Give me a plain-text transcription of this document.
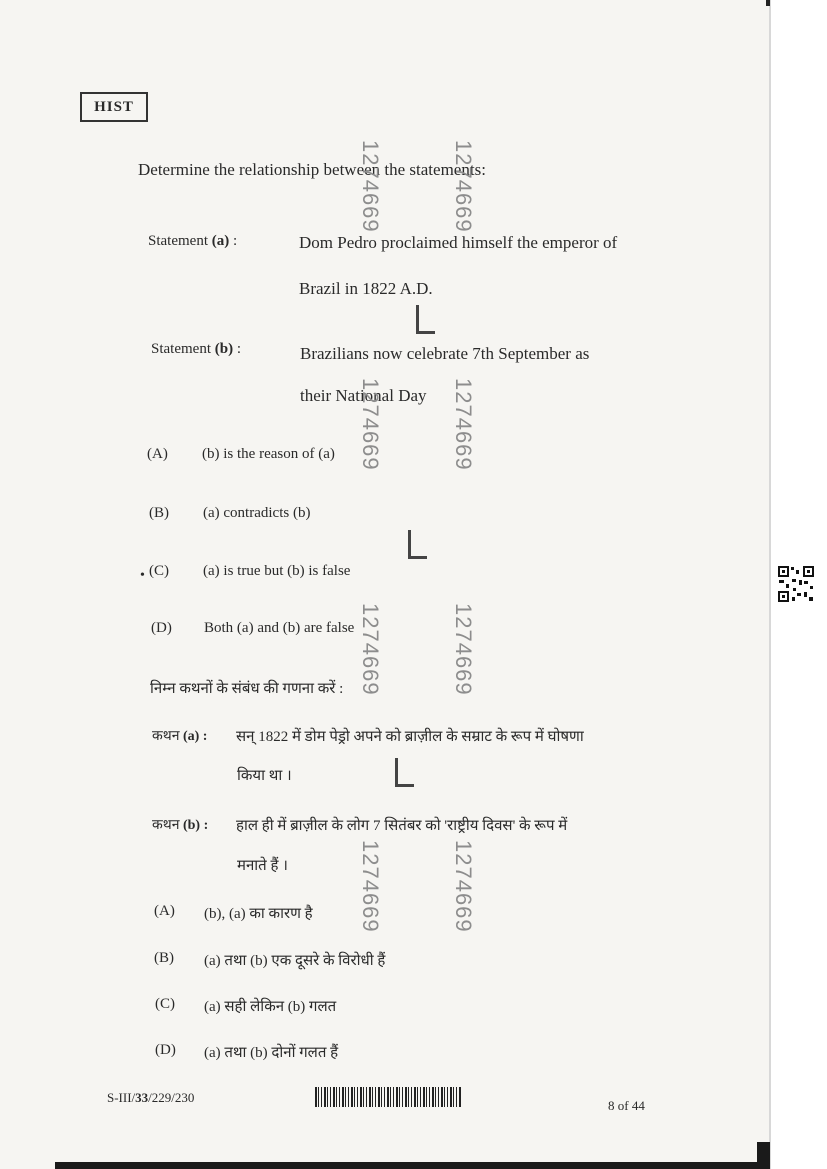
HIST
Determine the relationship between the statements:
Statement (a) :	Dom Pedro proclaimed himself the emperor of
Brazil in 1822 A.D.
Statement (b) :	Brazilians now celebrate 7th September as
their National Day
(A) (b) is the reason of (a)
(B) (a) contradicts (b)
• (C) (a) is true but (b) is false
(D) Both (a) and (b) are false
निम्न कथनों के संबंध की गणना करें :
कथन (a) : सन् 1822 में डोम पेड्रो अपने को ब्राज़ील के सम्राट के रूप में घोषणा
किया था ।
कथन (b) : हाल ही में ब्राज़ील के लोग 7 सितंबर को 'राष्ट्रीय दिवस' के रूप में
मनाते हैं ।
(A) (b), (a) का कारण है
(B) (a) तथा (b) एक दूसरे के विरोधी हैं
(C) (a) सही लेकिन (b) गलत
(D) (a) तथा (b) दोनों गलत हैं
1274669	1274669
1274669	1274669
1274669	1274669
1274669	1274669
S-III/33/229/230
8 of 44
